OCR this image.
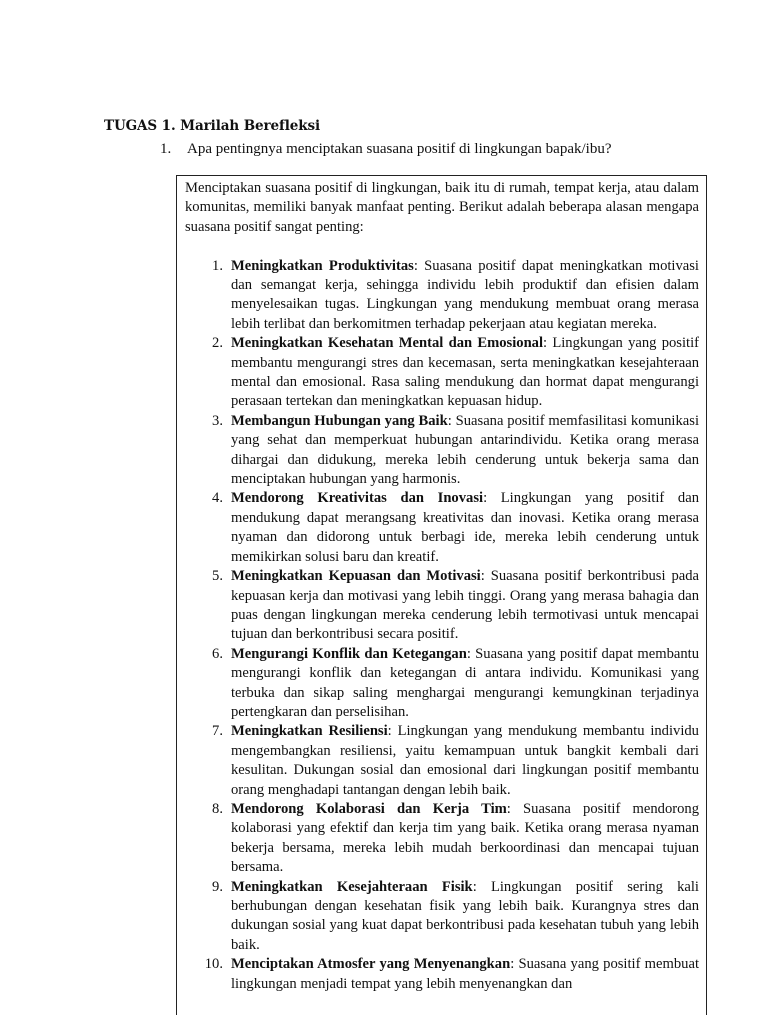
TUGAS 1. Marilah Berefleksi

1. Apa pentingnya menciptakan suasana positif di lingkungan bapak/ibu?

Menciptakan suasana positif di lingkungan, baik itu di rumah, tempat kerja, atau dalam komunitas, memiliki banyak manfaat penting. Berikut adalah beberapa alasan mengapa suasana positif sangat penting:

1. Meningkatkan Produktivitas: Suasana positif dapat meningkatkan motivasi dan semangat kerja, sehingga individu lebih produktif dan efisien dalam menyelesaikan tugas. Lingkungan yang mendukung membuat orang merasa lebih terlibat dan berkomitmen terhadap pekerjaan atau kegiatan mereka.

2. Meningkatkan Kesehatan Mental dan Emosional: Lingkungan yang positif membantu mengurangi stres dan kecemasan, serta meningkatkan kesejahteraan mental dan emosional. Rasa saling mendukung dan hormat dapat mengurangi perasaan tertekan dan meningkatkan kepuasan hidup.

3. Membangun Hubungan yang Baik: Suasana positif memfasilitasi komunikasi yang sehat dan memperkuat hubungan antarindividu. Ketika orang merasa dihargai dan didukung, mereka lebih cenderung untuk bekerja sama dan menciptakan hubungan yang harmonis.

4. Mendorong Kreativitas dan Inovasi: Lingkungan yang positif dan mendukung dapat merangsang kreativitas dan inovasi. Ketika orang merasa nyaman dan didorong untuk berbagi ide, mereka lebih cenderung untuk memikirkan solusi baru dan kreatif.

5. Meningkatkan Kepuasan dan Motivasi: Suasana positif berkontribusi pada kepuasan kerja dan motivasi yang lebih tinggi. Orang yang merasa bahagia dan puas dengan lingkungan mereka cenderung lebih termotivasi untuk mencapai tujuan dan berkontribusi secara positif.

6. Mengurangi Konflik dan Ketegangan: Suasana yang positif dapat membantu mengurangi konflik dan ketegangan di antara individu. Komunikasi yang terbuka dan sikap saling menghargai mengurangi kemungkinan terjadinya pertengkaran dan perselisihan.

7. Meningkatkan Resiliensi: Lingkungan yang mendukung membantu individu mengembangkan resiliensi, yaitu kemampuan untuk bangkit kembali dari kesulitan. Dukungan sosial dan emosional dari lingkungan positif membantu orang menghadapi tantangan dengan lebih baik.

8. Mendorong Kolaborasi dan Kerja Tim: Suasana positif mendorong kolaborasi yang efektif dan kerja tim yang baik. Ketika orang merasa nyaman bekerja bersama, mereka lebih mudah berkoordinasi dan mencapai tujuan bersama.

9. Meningkatkan Kesejahteraan Fisik: Lingkungan positif sering kali berhubungan dengan kesehatan fisik yang lebih baik. Kurangnya stres dan dukungan sosial yang kuat dapat berkontribusi pada kesehatan tubuh yang lebih baik.

10. Menciptakan Atmosfer yang Menyenangkan: Suasana yang positif membuat lingkungan menjadi tempat yang lebih menyenangkan dan
